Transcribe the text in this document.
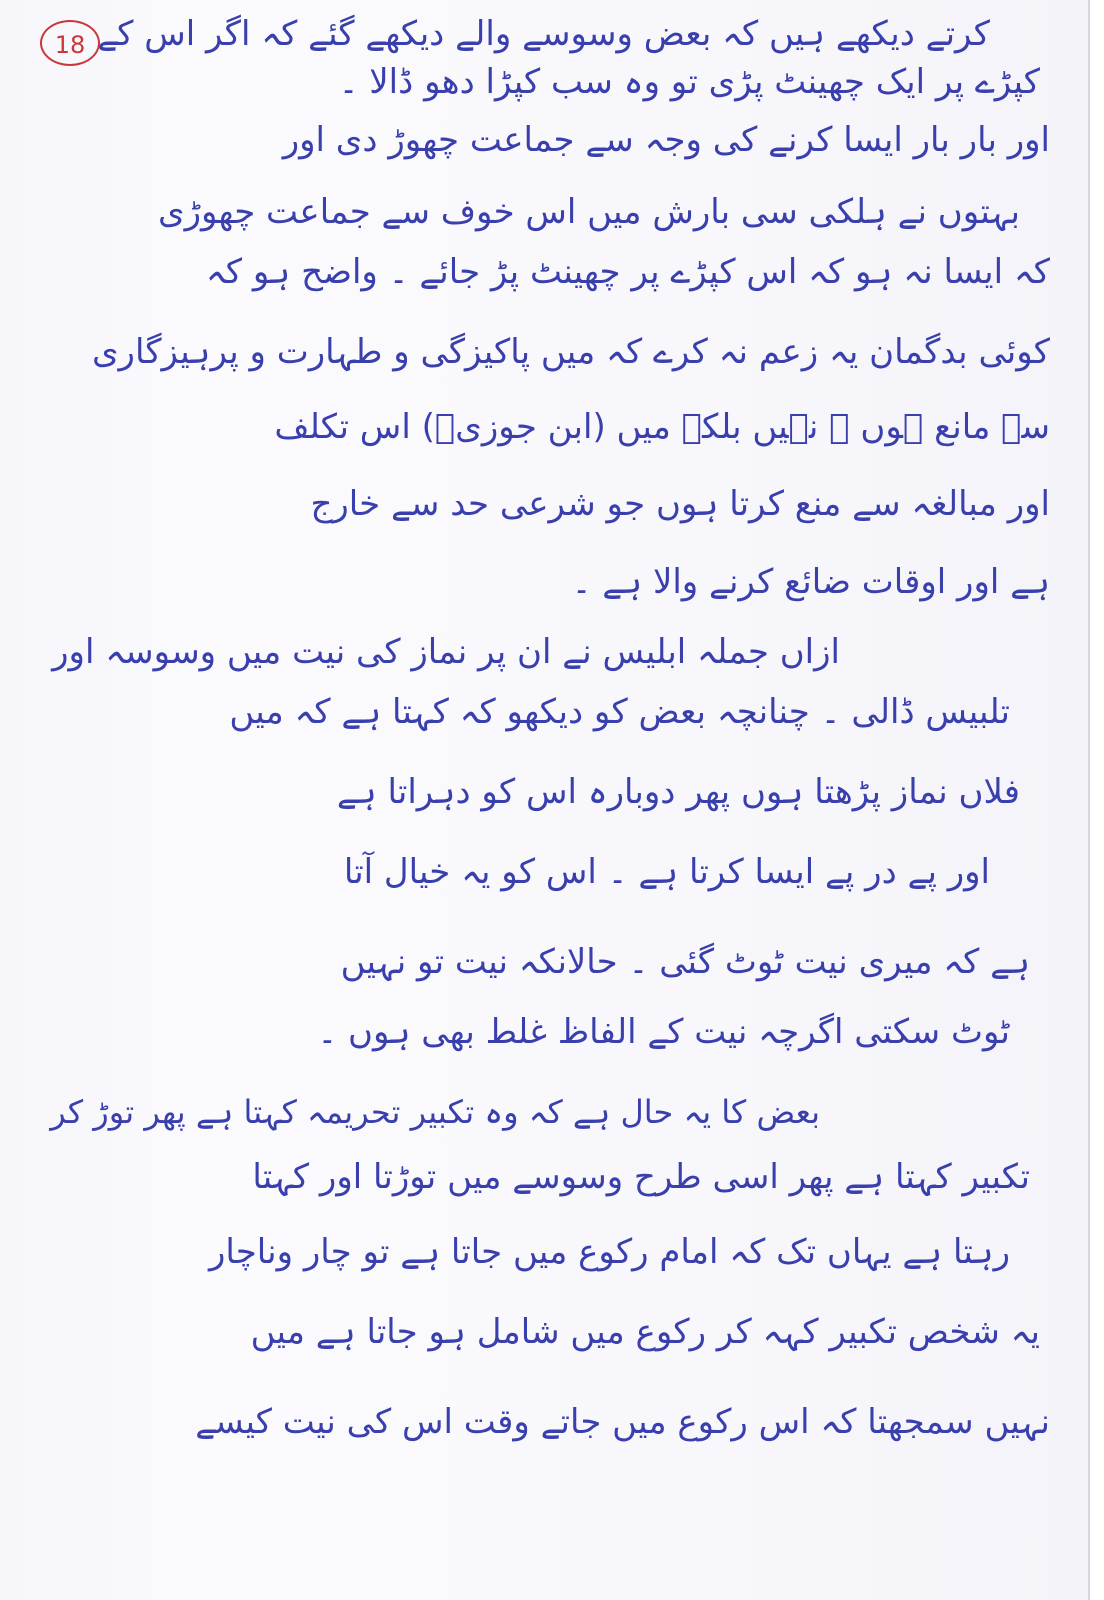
18 کرتے دیکھے ہیں کہ بعض وسوسے والے دیکھے گئے کہ اگر اس کے
کپڑے پر ایک چھینٹ پڑی تو وہ سب کپڑا دھو ڈالا ۔
اور بار بار ایسا کرنے کی وجہ سے جماعت چھوڑ دی اور
بہتوں نے ہلکی سی بارش میں اس خوف سے جماعت چھوڑی
کہ ایسا نہ ہو کہ اس کپڑے پر چھینٹ پڑ جائے ۔ واضح ہو کہ
کوئی بدگمان یہ زعم نہ کرے کہ میں پاکیزگی و طہارت و پرہیزگاری
سے مانع ہوں ۔ نہیں بلکہ میں (ابن جوزیؒ) اس تکلف
اور مبالغہ سے منع کرتا ہوں جو شرعی حد سے خارج
ہے اور اوقات ضائع کرنے والا ہے ۔
ازاں جملہ ابلیس نے ان پر نماز کی نیت میں وسوسہ اور
تلبیس ڈالی ۔ چنانچہ بعض کو دیکھو کہ کہتا ہے کہ میں
فلاں نماز پڑھتا ہوں پھر دوبارہ اس کو دہراتا ہے
اور پے در پے ایسا کرتا ہے ۔ اس کو یہ خیال آتا
ہے کہ میری نیت ٹوٹ گئی ۔ حالانکہ نیت تو نہیں
ٹوٹ سکتی اگرچہ نیت کے الفاظ غلط بھی ہوں ۔
بعض کا یہ حال ہے کہ وہ تکبیر تحریمہ کہتا ہے پھر توڑ کر
تکبیر کہتا ہے پھر اسی طرح وسوسے میں توڑتا اور کہتا
رہتا ہے یہاں تک کہ امام رکوع میں جاتا ہے تو چار وناچار
یہ شخص تکبیر کہہ کر رکوع میں شامل ہو جاتا ہے میں
نہیں سمجھتا کہ اس رکوع میں جاتے وقت اس کی نیت کیسے
